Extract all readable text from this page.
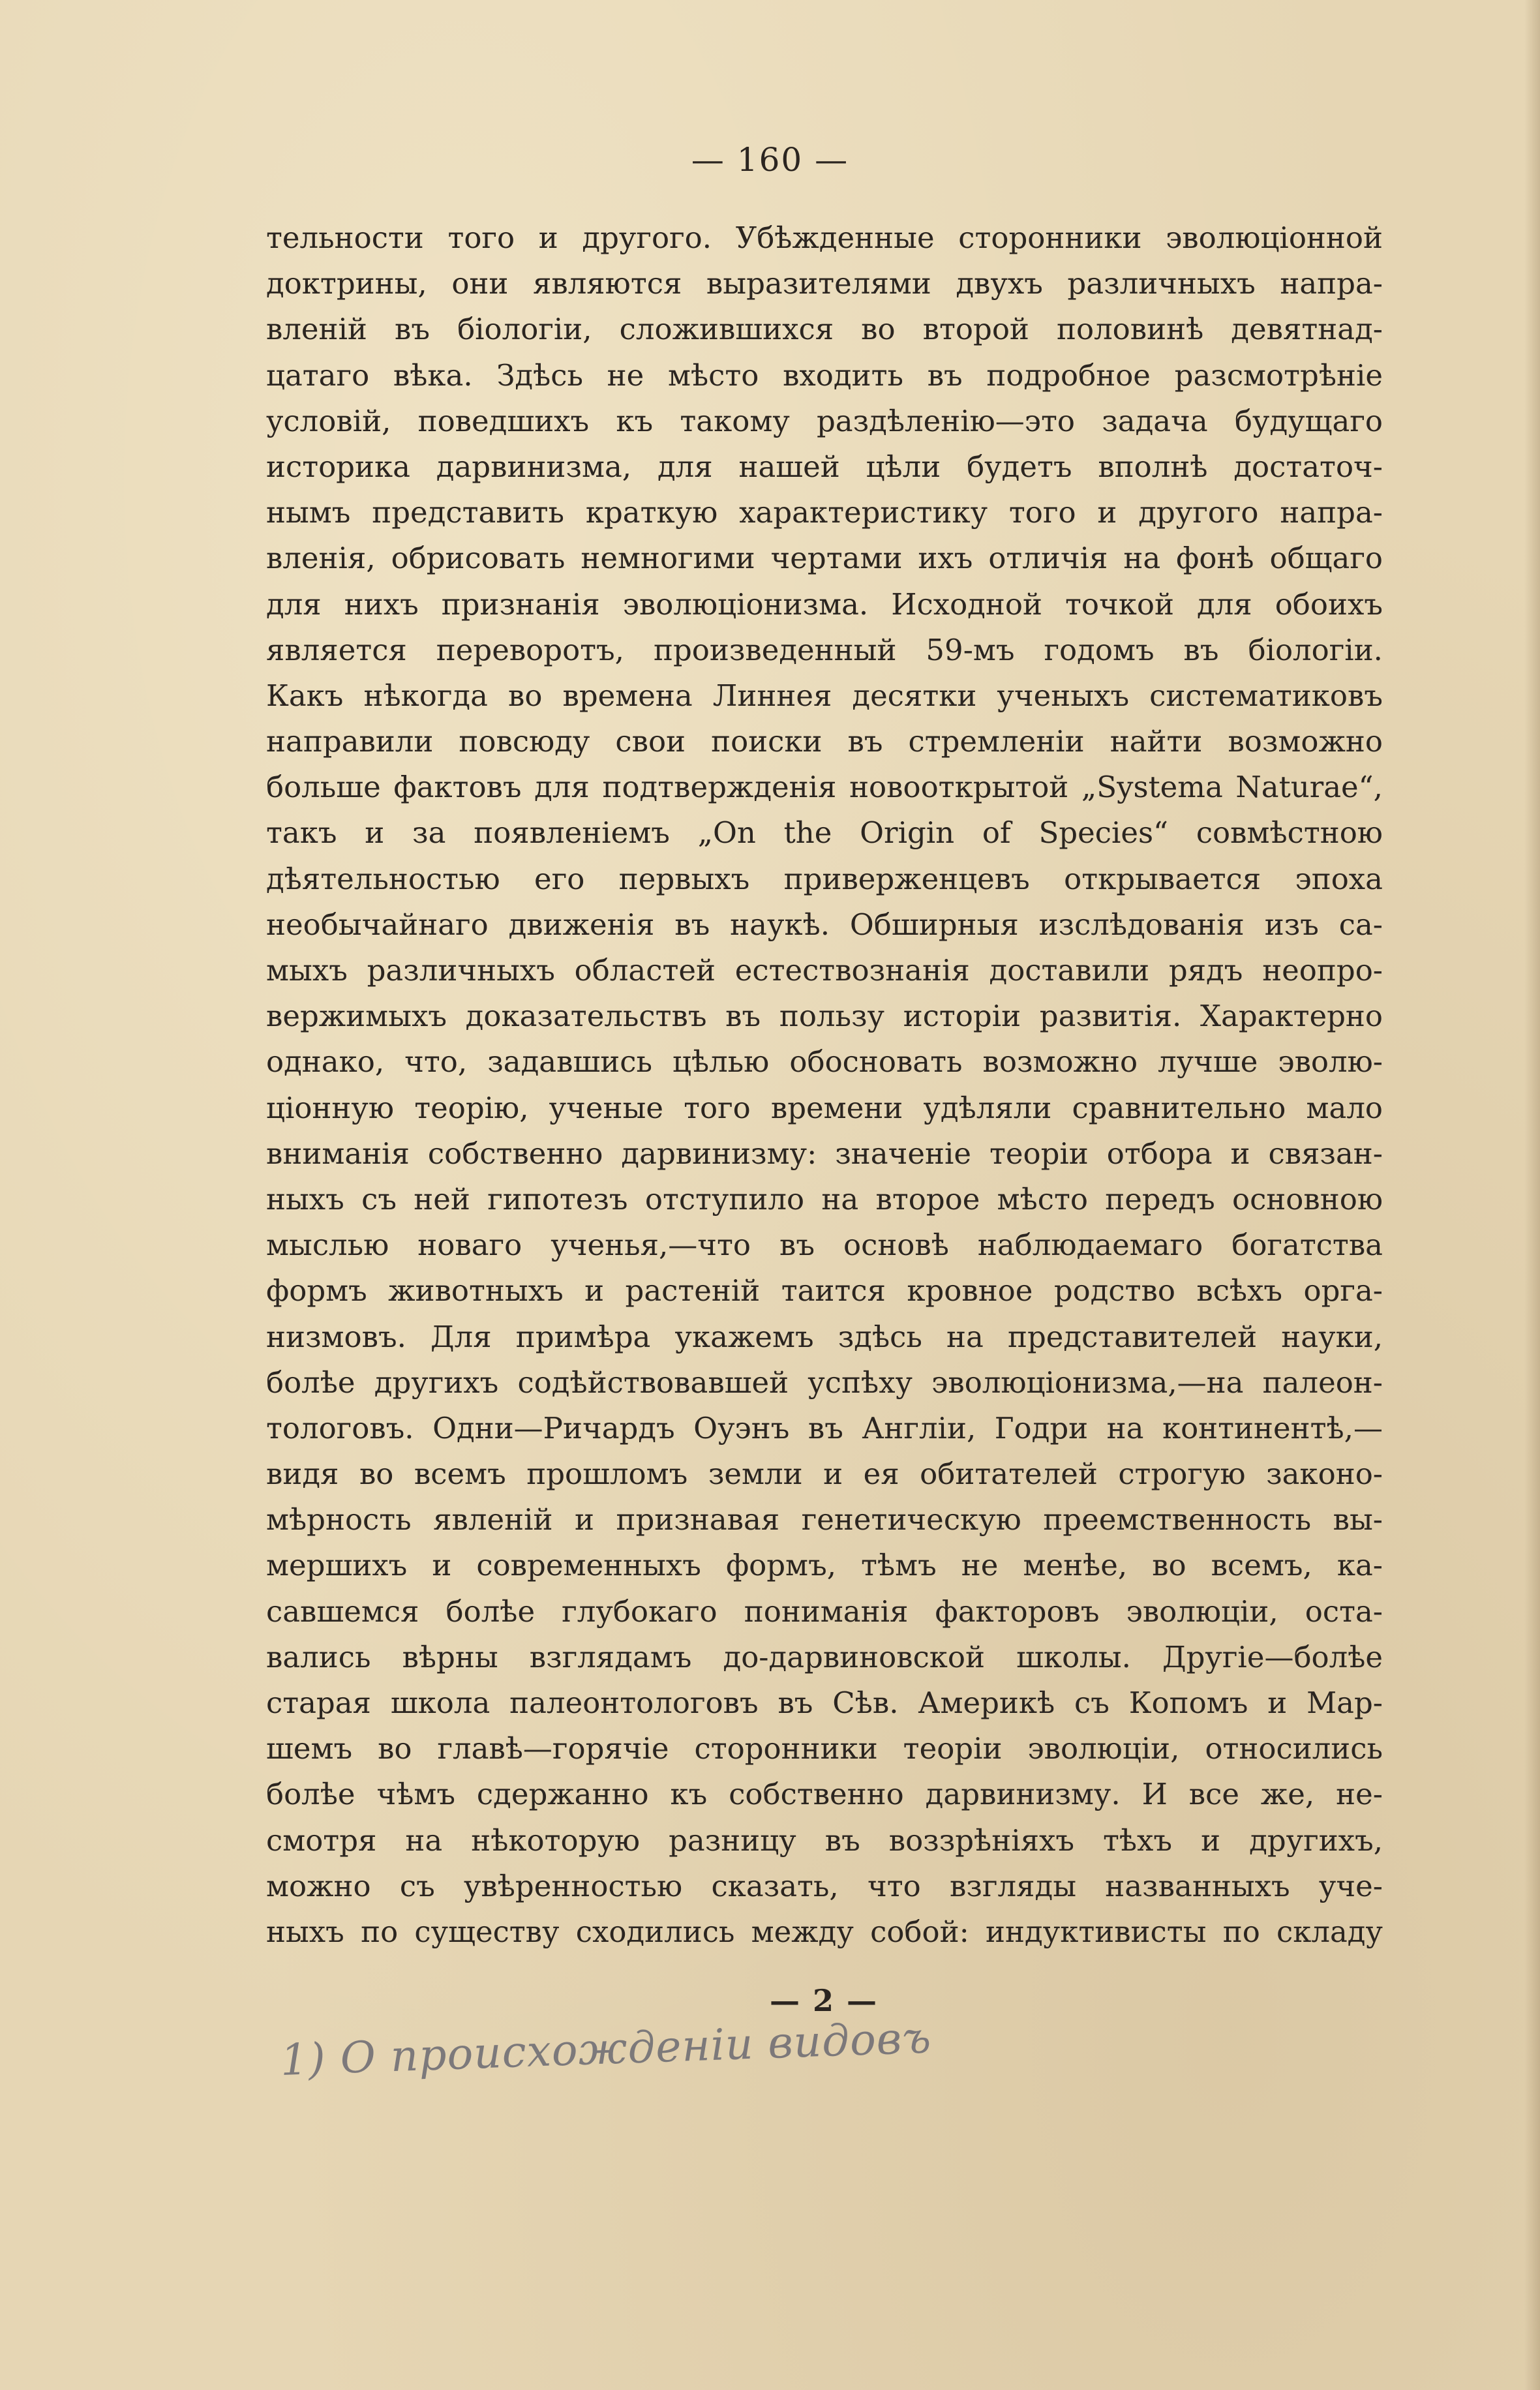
— 160 —
тельности того и другого. Убѣжденные сторонники эволюціонной
доктрины, они являются выразителями двухъ различныхъ напра-
вленій въ біологіи, сложившихся во второй половинѣ девятнад-
цатаго вѣка. Здѣсь не мѣсто входить въ подробное разсмотрѣніе
условій, поведшихъ къ такому раздѣленію—это задача будущаго
историка дарвинизма, для нашей цѣли будетъ вполнѣ достаточ-
нымъ представить краткую характеристику того и другого напра-
вленія, обрисовать немногими чертами ихъ отличія на фонѣ общаго
для нихъ признанія эволюціонизма. Исходной точкой для обоихъ
является переворотъ, произведенный 59-мъ годомъ въ біологіи.
Какъ нѣкогда во времена Линнея десятки ученыхъ систематиковъ
направили повсюду свои поиски въ стремленіи найти возможно
больше фактовъ для подтвержденія новооткрытой „Systema Naturae“,
такъ и за появленіемъ „On the Origin of Species“ совмѣстною
дѣятельностью его первыхъ приверженцевъ открывается эпоха
необычайнаго движенія въ наукѣ. Обширныя изслѣдованія изъ са-
мыхъ различныхъ областей естествознанія доставили рядъ неопро-
вержимыхъ доказательствъ въ пользу исторіи развитія. Характерно
однако, что, задавшись цѣлью обосновать возможно лучше эволю-
ціонную теорію, ученые того времени удѣляли сравнительно мало
вниманія собственно дарвинизму: значеніе теоріи отбора и связан-
ныхъ съ ней гипотезъ отступило на второе мѣсто передъ основною
мыслью новаго ученья,—что въ основѣ наблюдаемаго богатства
формъ животныхъ и растеній таится кровное родство всѣхъ орга-
низмовъ. Для примѣра укажемъ здѣсь на представителей науки,
болѣе другихъ содѣйствовавшей успѣху эволюціонизма,—на палеон-
тологовъ. Одни—Ричардъ Оуэнъ въ Англіи, Годри на континентѣ,—
видя во всемъ прошломъ земли и ея обитателей строгую законо-
мѣрность явленій и признавая генетическую преемственность вы-
мершихъ и современныхъ формъ, тѣмъ не менѣе, во всемъ, ка-
савшемся болѣе глубокаго пониманія факторовъ эволюціи, оста-
вались вѣрны взглядамъ до-дарвиновской школы. Другіе—болѣе
старая школа палеонтологовъ въ Сѣв. Америкѣ съ Копомъ и Мар-
шемъ во главѣ—горячіе сторонники теоріи эволюціи, относились
болѣе чѣмъ сдержанно къ собственно дарвинизму. И все же, не-
смотря на нѣкоторую разницу въ воззрѣніяхъ тѣхъ и другихъ,
можно съ увѣренностью сказать, что взгляды названныхъ уче-
ныхъ по существу сходились между собой: индуктивисты по складу
— 2 —
1) О происхожденіи видовъ
